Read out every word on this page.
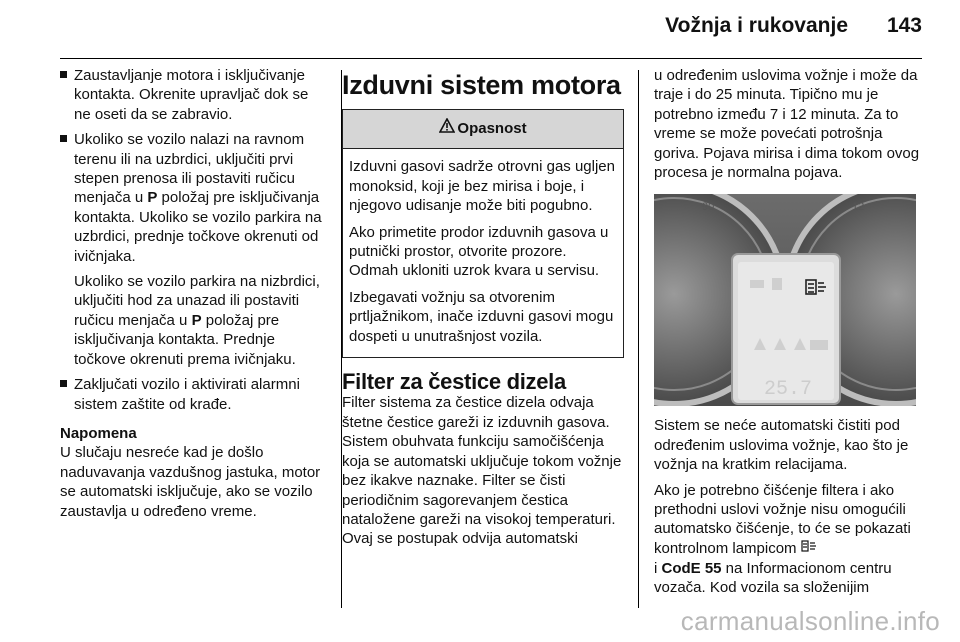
Vožnja i rukovanje 143
Zaustavljanje motora i isključivanje kontakta. Okrenite upravljač dok se ne oseti da se zabravio.
Ukoliko se vozilo nalazi na ravnom terenu ili na uzbrdici, uključiti prvi stepen prenosa ili postaviti ručicu menjača u P položaj pre isključivanja kontakta. Ukoliko se vozilo parkira na uzbrdici, prednje točkove okrenuti od ivičnjaka.

Ukoliko se vozilo parkira na nizbrdici, uključiti hod za unazad ili postaviti ručicu menjača u P položaj pre isključivanja kontakta. Prednje točkove okrenuti prema ivičnjaku.

Zaključati vozilo i aktivirati alarmni sistem zaštite od krađe.
Napomena

U slučaju nesreće kad je došlo naduvavanja vazdušnog jastuka, motor se automatski isključuje, ako se vozilo zaustavlja u određeno vreme.

Izduvni sistem motora
Opasnost

Izduvni gasovi sadrže otrovni gas ugljen monoksid, koji je bez mirisa i boje, i njegovo udisanje može biti pogubno.

Ako primetite prodor izduvnih gasova u putnički prostor, otvorite prozore. Odmah ukloniti uzrok kvara u servisu.

Izbegavati vožnju sa otvorenim prtljažnikom, inače izduvni gasovi mogu dospeti u unutrašnjost vozila.

Filter za čestice dizela

Filter sistema za čestice dizela odvaja štetne čestice gareži iz izduvnih gasova. Sistem obuhvata funkciju samočišćenja koja se automatski uključuje tokom vožnje bez ikakve naznake. Filter se čisti periodičnim sagorevanjem čestica nataložene gareži na visokoj temperaturi. Ovaj se postupak odvija automatski

u određenim uslovima vožnje i može da traje i do 25 minuta. Tipično mu je potrebno između 7 i 12 minuta. Za to vreme se može povećati potrošnja goriva. Pojava mirisa i dima tokom ovog procesa je normalna pojava.

90	12
25.7

Sistem se neće automatski čistiti pod određenim uslovima vožnje, kao što je vožnja na kratkim relacijama.

Ako je potrebno čišćenje filtera i ako prethodni uslovi vožnje nisu omogućili automatsko čišćenje, to će se pokazati kontrolnom lampicom
i CodE 55 na Informacionom centru vozača. Kod vozila sa složenijim

carmanualsonline.info
